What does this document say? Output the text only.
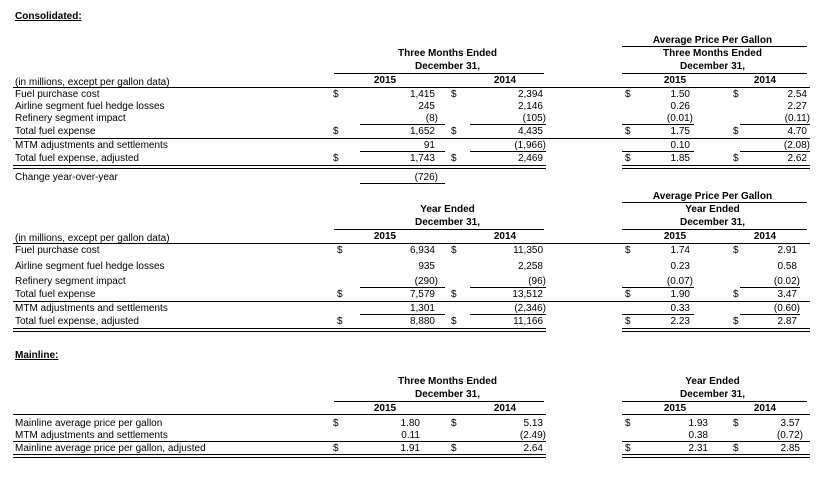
Consolidated:
Mainline:
Three Months Ended
December 31,
2015	2014
Average Price Per Gallon
Three Months Ended
December 31,
2015	2014
(in millions, except per gallon data)
Fuel purchase cost	$	1,415 $	2,394	$	1.50	$	2.54
Airline segment fuel hedge losses	245	2,146	0.26	2.27
Refinery segment impact	(8)	(105)	(0.01)	(0.11)
Total fuel expense	$	1,652 $	4,435	$	1.75	$	4.70
MTM adjustments and settlements	91	(1,966)	0.10	(2.08)
Total fuel expense, adjusted	$	1,743 $	2,469	$	1.85	$	2.62
Change year-over-year	(726)
Year Ended
December 31,
2015	2014
Average Price Per Gallon
Year Ended
December 31,
2015	2014
(in millions, except per gallon data)
Fuel purchase cost	$	6,934 $	11,350	$	1.74	$	2.91
Airline segment fuel hedge losses	935	2,258	0.23	0.58
Refinery segment impact	(290)	(96)	(0.07)	(0.02)
Total fuel expense	$	7,579 $	13,512	$	1.90	$	3.47
MTM adjustments and settlements	1,301	(2,346)	0.33	(0.60)
Total fuel expense, adjusted	$	8,880 $	11,166	$	2.23	$	2.87
Three Months Ended
December 31,
2015	2014
Year Ended
December 31,
2015	2014
Mainline average price per gallon	$	1.80	$	5.13	$	1.93	$	3.57
MTM adjustments and settlements	0.11	(2.49)	0.38	(0.72)
Mainline average price per gallon, adjusted	$	1.91	$	2.64	$	2.31	$	2.85
